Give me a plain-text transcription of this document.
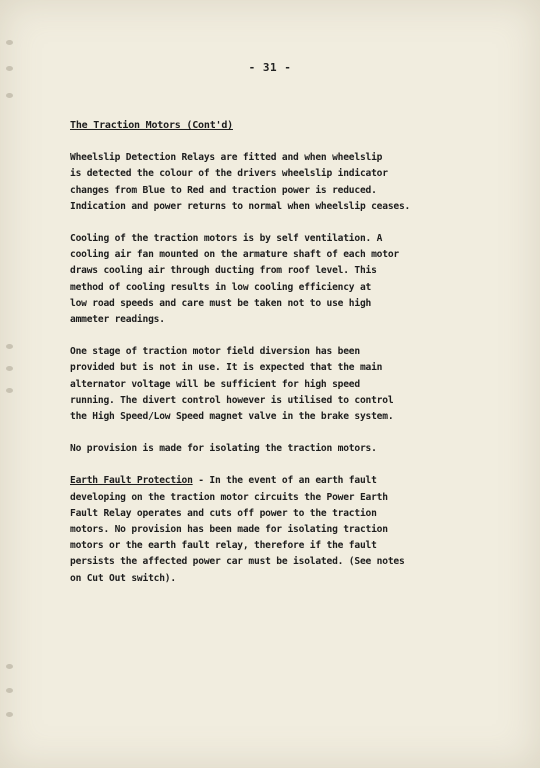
- 31 -
The Traction Motors (Cont'd)
Wheelslip Detection Relays are fitted and when wheelslip
is detected the colour of the drivers wheelslip indicator
changes from Blue to Red and traction power is reduced.
Indication and power returns to normal when wheelslip ceases.
Cooling of the traction motors is by self ventilation. A
cooling air fan mounted on the armature shaft of each motor
draws cooling air through ducting from roof level. This
method of cooling results in low cooling efficiency at
low road speeds and care must be taken not to use high
ammeter readings.
One stage of traction motor field diversion has been
provided but is not in use. It is expected that the main
alternator voltage will be sufficient for high speed
running. The divert control however is utilised to control
the High Speed/Low Speed magnet valve in the brake system.
No provision is made for isolating the traction motors.
Earth Fault Protection - In the event of an earth fault
developing on the traction motor circuits the Power Earth
Fault Relay operates and cuts off power to the traction
motors. No provision has been made for isolating traction
motors or the earth fault relay, therefore if the fault
persists the affected power car must be isolated. (See notes
on Cut Out switch).
